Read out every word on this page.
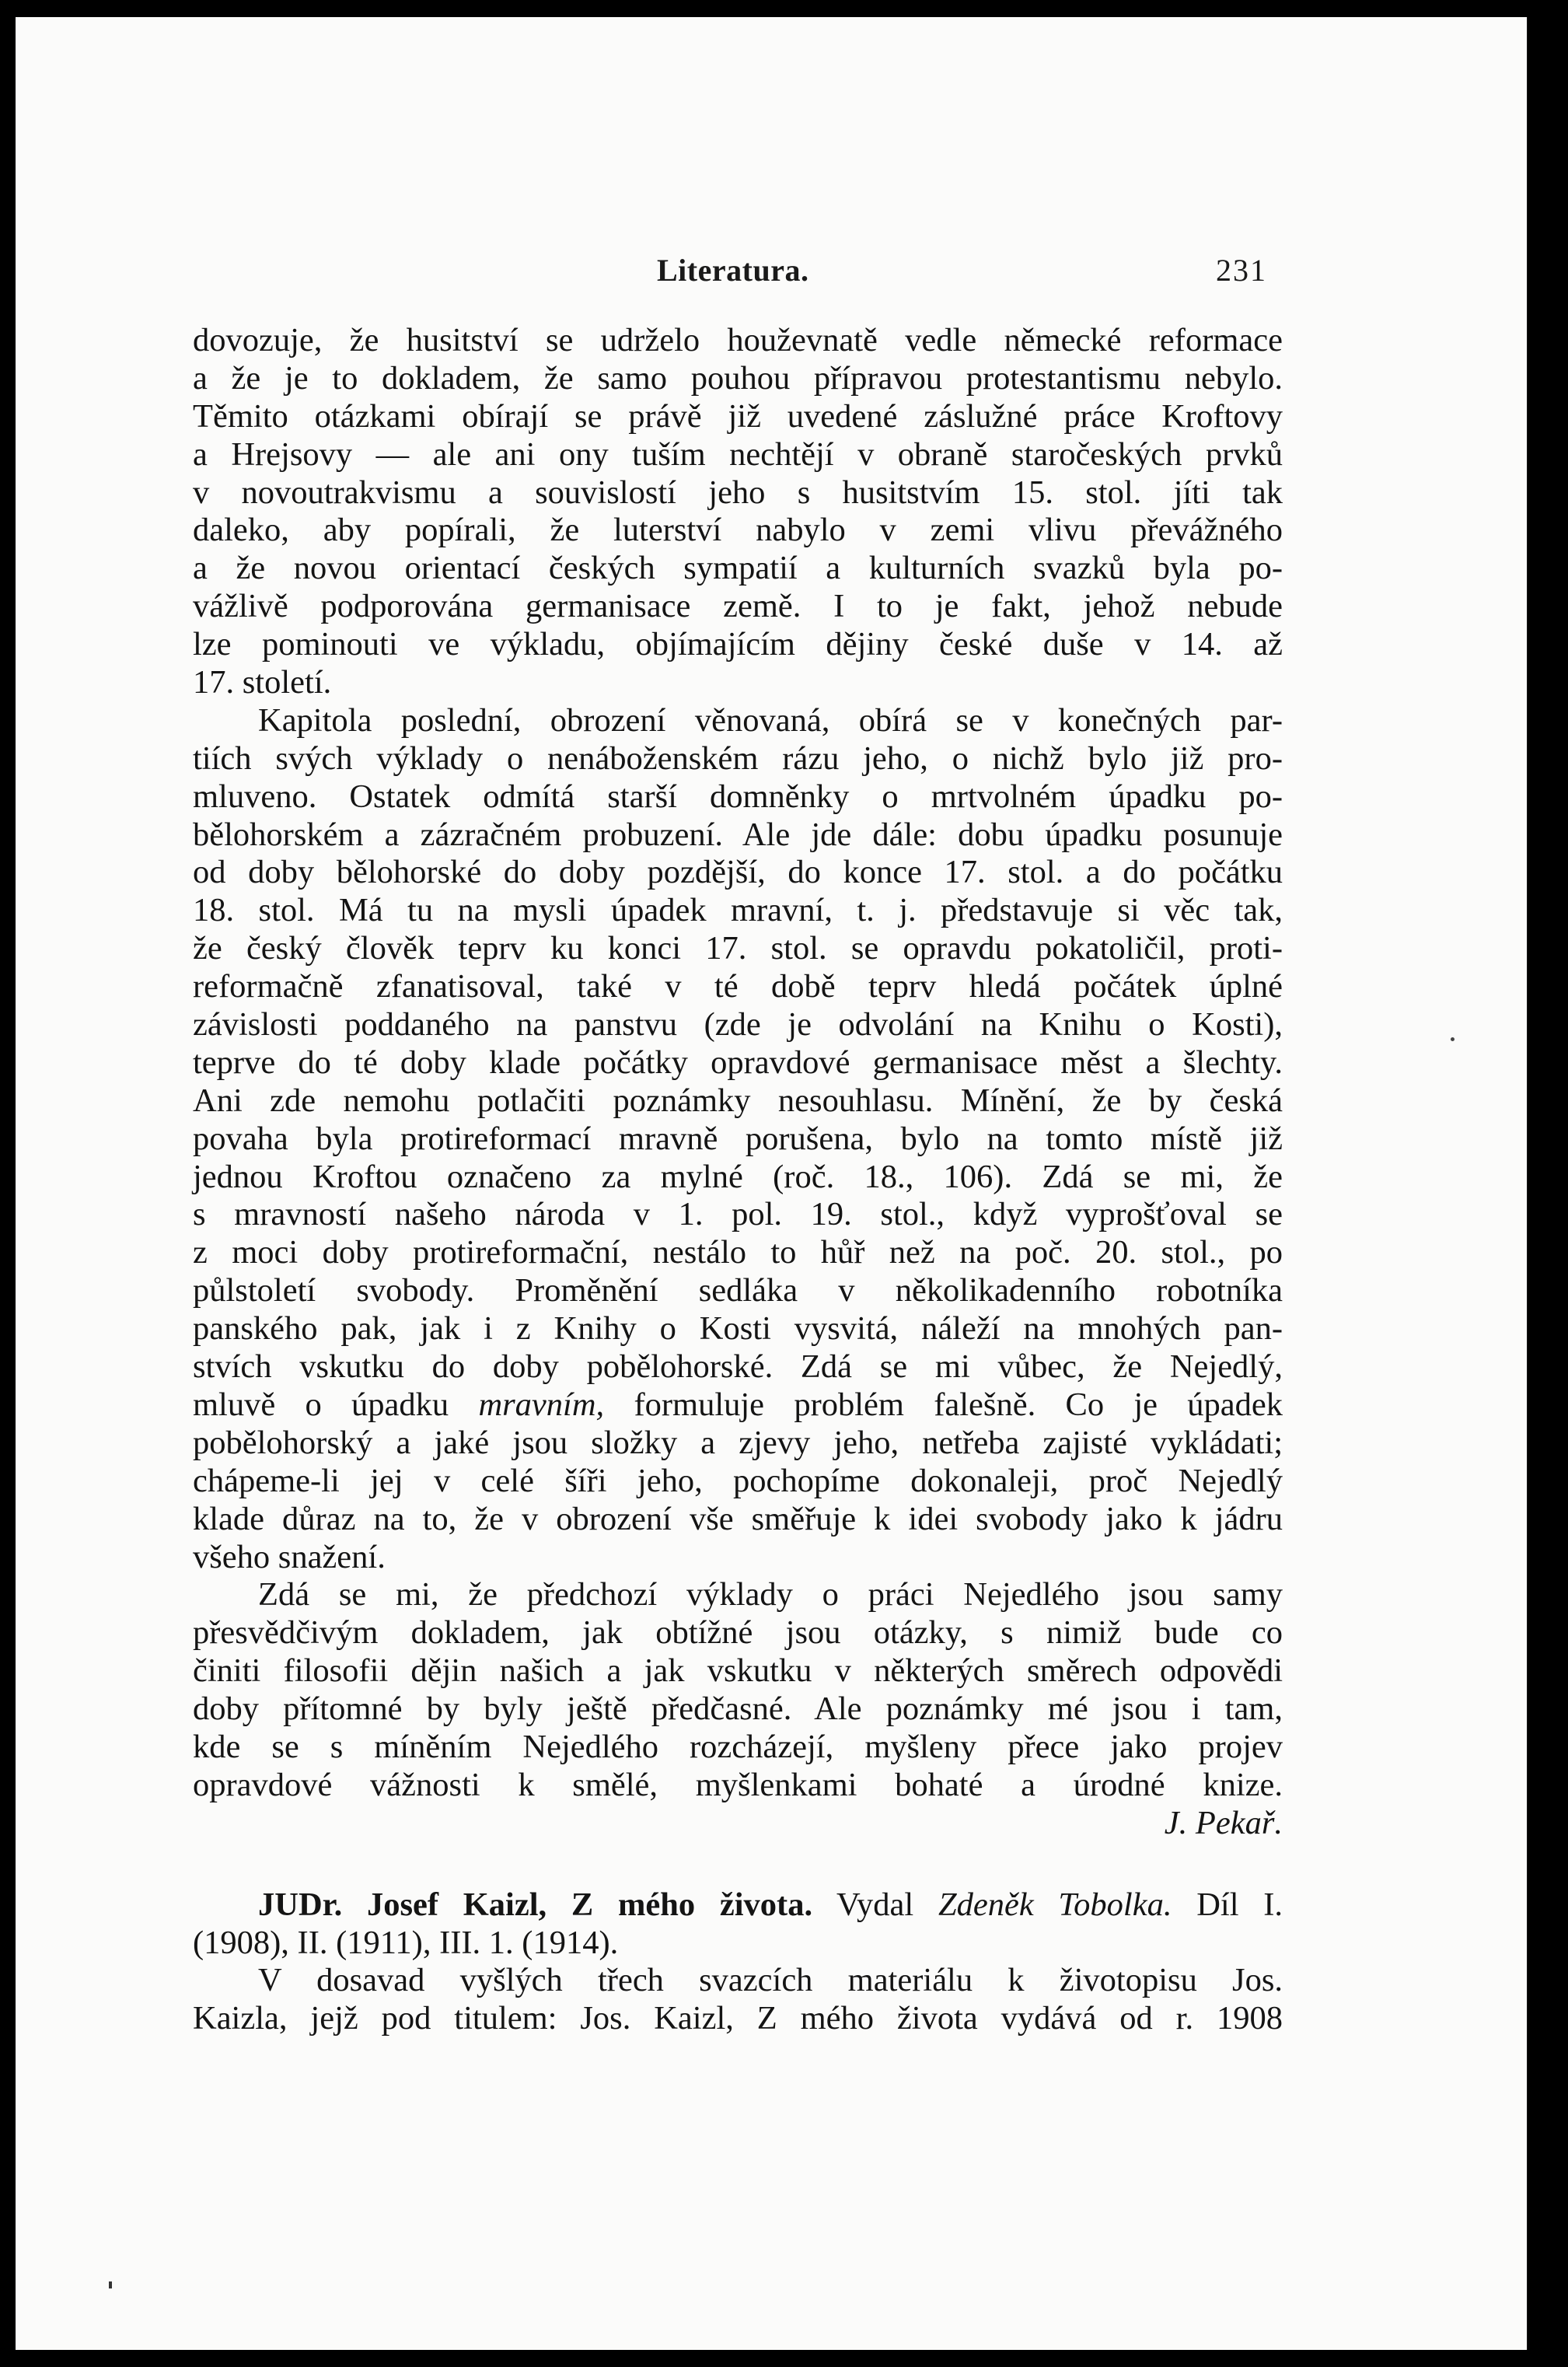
Literatura.	231
dovozuje, že husitství se udrželo houževnatě vedle německé reformace
a že je to dokladem, že samo pouhou přípravou protestantismu nebylo.
Těmito otázkami obírají se právě již uvedené záslužné práce Kroftovy
a Hrejsovy — ale ani ony tuším nechtějí v obraně staročeských prvků
v novoutrakvismu a souvislostí jeho s husitstvím 15. stol. jíti tak
daleko, aby popírali, že luterství nabylo v zemi vlivu převážného
a že novou orientací českých sympatií a kulturních svazků byla po-
vážlivě podporována germanisace země. I to je fakt, jehož nebude
lze pominouti ve výkladu, objímajícím dějiny české duše v 14. až
17. století.
Kapitola poslední, obrození věnovaná, obírá se v konečných par-
tiích svých výklady o nenáboženském rázu jeho, o nichž bylo již pro-
mluveno. Ostatek odmítá starší domněnky o mrtvolném úpadku po-
bělohorském a zázračném probuzení. Ale jde dále: dobu úpadku posunuje
od doby bělohorské do doby pozdější, do konce 17. stol. a do počátku
18. stol. Má tu na mysli úpadek mravní, t. j. představuje si věc tak,
že český člověk teprv ku konci 17. stol. se opravdu pokatoličil, proti-
reformačně zfanatisoval, také v té době teprv hledá počátek úplné
závislosti poddaného na panstvu (zde je odvolání na Knihu o Kosti),
teprve do té doby klade počátky opravdové germanisace měst a šlechty.
Ani zde nemohu potlačiti poznámky nesouhlasu. Mínění, že by česká
povaha byla protireformací mravně porušena, bylo na tomto místě již
jednou Kroftou označeno za mylné (roč. 18., 106). Zdá se mi, že
s mravností našeho národa v 1. pol. 19. stol., když vyprošťoval se
z moci doby protireformační, nestálo to hůř než na poč. 20. stol., po
půlstoletí svobody. Proměnění sedláka v několikadenního robotníka
panského pak, jak i z Knihy o Kosti vysvitá, náleží na mnohých pan-
stvích vskutku do doby pobělohorské. Zdá se mi vůbec, že Nejedlý,
mluvě o úpadku mravním, formuluje problém falešně. Co je úpadek
pobělohorský a jaké jsou složky a zjevy jeho, netřeba zajisté vykládati;
chápeme-li jej v celé šíři jeho, pochopíme dokonaleji, proč Nejedlý
klade důraz na to, že v obrození vše směřuje k idei svobody jako k jádru
všeho snažení.
Zdá se mi, že předchozí výklady o práci Nejedlého jsou samy
přesvědčivým dokladem, jak obtížné jsou otázky, s nimiž bude co
činiti filosofii dějin našich a jak vskutku v některých směrech odpovědi
doby přítomné by byly ještě předčasné. Ale poznámky mé jsou i tam,
kde se s míněním Nejedlého rozcházejí, myšleny přece jako projev
opravdové vážnosti k smělé, myšlenkami bohaté a úrodné knize.
J. Pekař.
JUDr. Josef Kaizl, Z mého života. Vydal Zdeněk Tobolka. Díl I.
(1908), II. (1911), III. 1. (1914).
V dosavad vyšlých třech svazcích materiálu k životopisu Jos.
Kaizla, jejž pod titulem: Jos. Kaizl, Z mého života vydává od r. 1908
